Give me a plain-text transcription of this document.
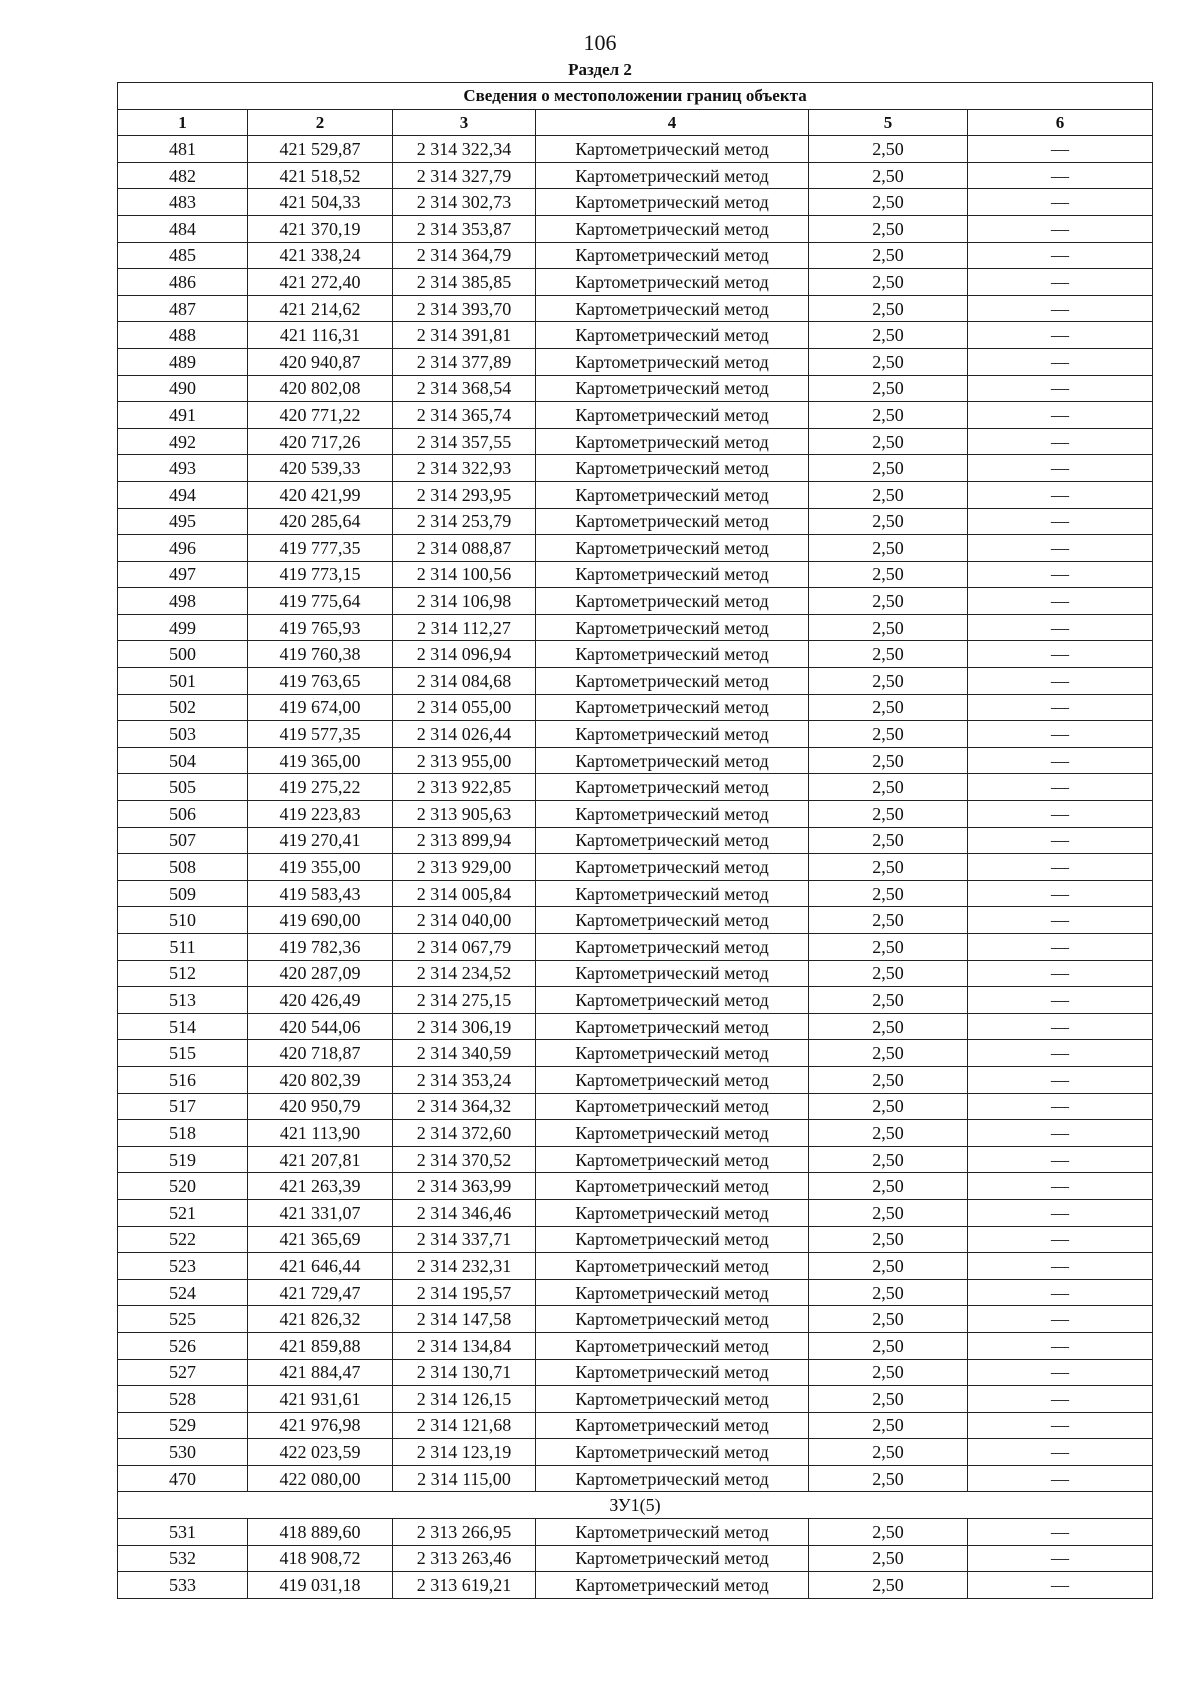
106
Раздел 2
Сведения о местоположении границ объекта					
1	2	3	4	5	6
481	421 529,87	2 314 322,34	Картометрический метод	2,50	—
482	421 518,52	2 314 327,79	Картометрический метод	2,50	—
483	421 504,33	2 314 302,73	Картометрический метод	2,50	—
484	421 370,19	2 314 353,87	Картометрический метод	2,50	—
485	421 338,24	2 314 364,79	Картометрический метод	2,50	—
486	421 272,40	2 314 385,85	Картометрический метод	2,50	—
487	421 214,62	2 314 393,70	Картометрический метод	2,50	—
488	421 116,31	2 314 391,81	Картометрический метод	2,50	—
489	420 940,87	2 314 377,89	Картометрический метод	2,50	—
490	420 802,08	2 314 368,54	Картометрический метод	2,50	—
491	420 771,22	2 314 365,74	Картометрический метод	2,50	—
492	420 717,26	2 314 357,55	Картометрический метод	2,50	—
493	420 539,33	2 314 322,93	Картометрический метод	2,50	—
494	420 421,99	2 314 293,95	Картометрический метод	2,50	—
495	420 285,64	2 314 253,79	Картометрический метод	2,50	—
496	419 777,35	2 314 088,87	Картометрический метод	2,50	—
497	419 773,15	2 314 100,56	Картометрический метод	2,50	—
498	419 775,64	2 314 106,98	Картометрический метод	2,50	—
499	419 765,93	2 314 112,27	Картометрический метод	2,50	—
500	419 760,38	2 314 096,94	Картометрический метод	2,50	—
501	419 763,65	2 314 084,68	Картометрический метод	2,50	—
502	419 674,00	2 314 055,00	Картометрический метод	2,50	—
503	419 577,35	2 314 026,44	Картометрический метод	2,50	—
504	419 365,00	2 313 955,00	Картометрический метод	2,50	—
505	419 275,22	2 313 922,85	Картометрический метод	2,50	—
506	419 223,83	2 313 905,63	Картометрический метод	2,50	—
507	419 270,41	2 313 899,94	Картометрический метод	2,50	—
508	419 355,00	2 313 929,00	Картометрический метод	2,50	—
509	419 583,43	2 314 005,84	Картометрический метод	2,50	—
510	419 690,00	2 314 040,00	Картометрический метод	2,50	—
511	419 782,36	2 314 067,79	Картометрический метод	2,50	—
512	420 287,09	2 314 234,52	Картометрический метод	2,50	—
513	420 426,49	2 314 275,15	Картометрический метод	2,50	—
514	420 544,06	2 314 306,19	Картометрический метод	2,50	—
515	420 718,87	2 314 340,59	Картометрический метод	2,50	—
516	420 802,39	2 314 353,24	Картометрический метод	2,50	—
517	420 950,79	2 314 364,32	Картометрический метод	2,50	—
518	421 113,90	2 314 372,60	Картометрический метод	2,50	—
519	421 207,81	2 314 370,52	Картометрический метод	2,50	—
520	421 263,39	2 314 363,99	Картометрический метод	2,50	—
521	421 331,07	2 314 346,46	Картометрический метод	2,50	—
522	421 365,69	2 314 337,71	Картометрический метод	2,50	—
523	421 646,44	2 314 232,31	Картометрический метод	2,50	—
524	421 729,47	2 314 195,57	Картометрический метод	2,50	—
525	421 826,32	2 314 147,58	Картометрический метод	2,50	—
526	421 859,88	2 314 134,84	Картометрический метод	2,50	—
527	421 884,47	2 314 130,71	Картометрический метод	2,50	—
528	421 931,61	2 314 126,15	Картометрический метод	2,50	—
529	421 976,98	2 314 121,68	Картометрический метод	2,50	—
530	422 023,59	2 314 123,19	Картометрический метод	2,50	—
470	422 080,00	2 314 115,00	Картометрический метод	2,50	—
ЗУ1(5)					
531	418 889,60	2 313 266,95	Картометрический метод	2,50	—
532	418 908,72	2 313 263,46	Картометрический метод	2,50	—
533	419 031,18	2 313 619,21	Картометрический метод	2,50	—
